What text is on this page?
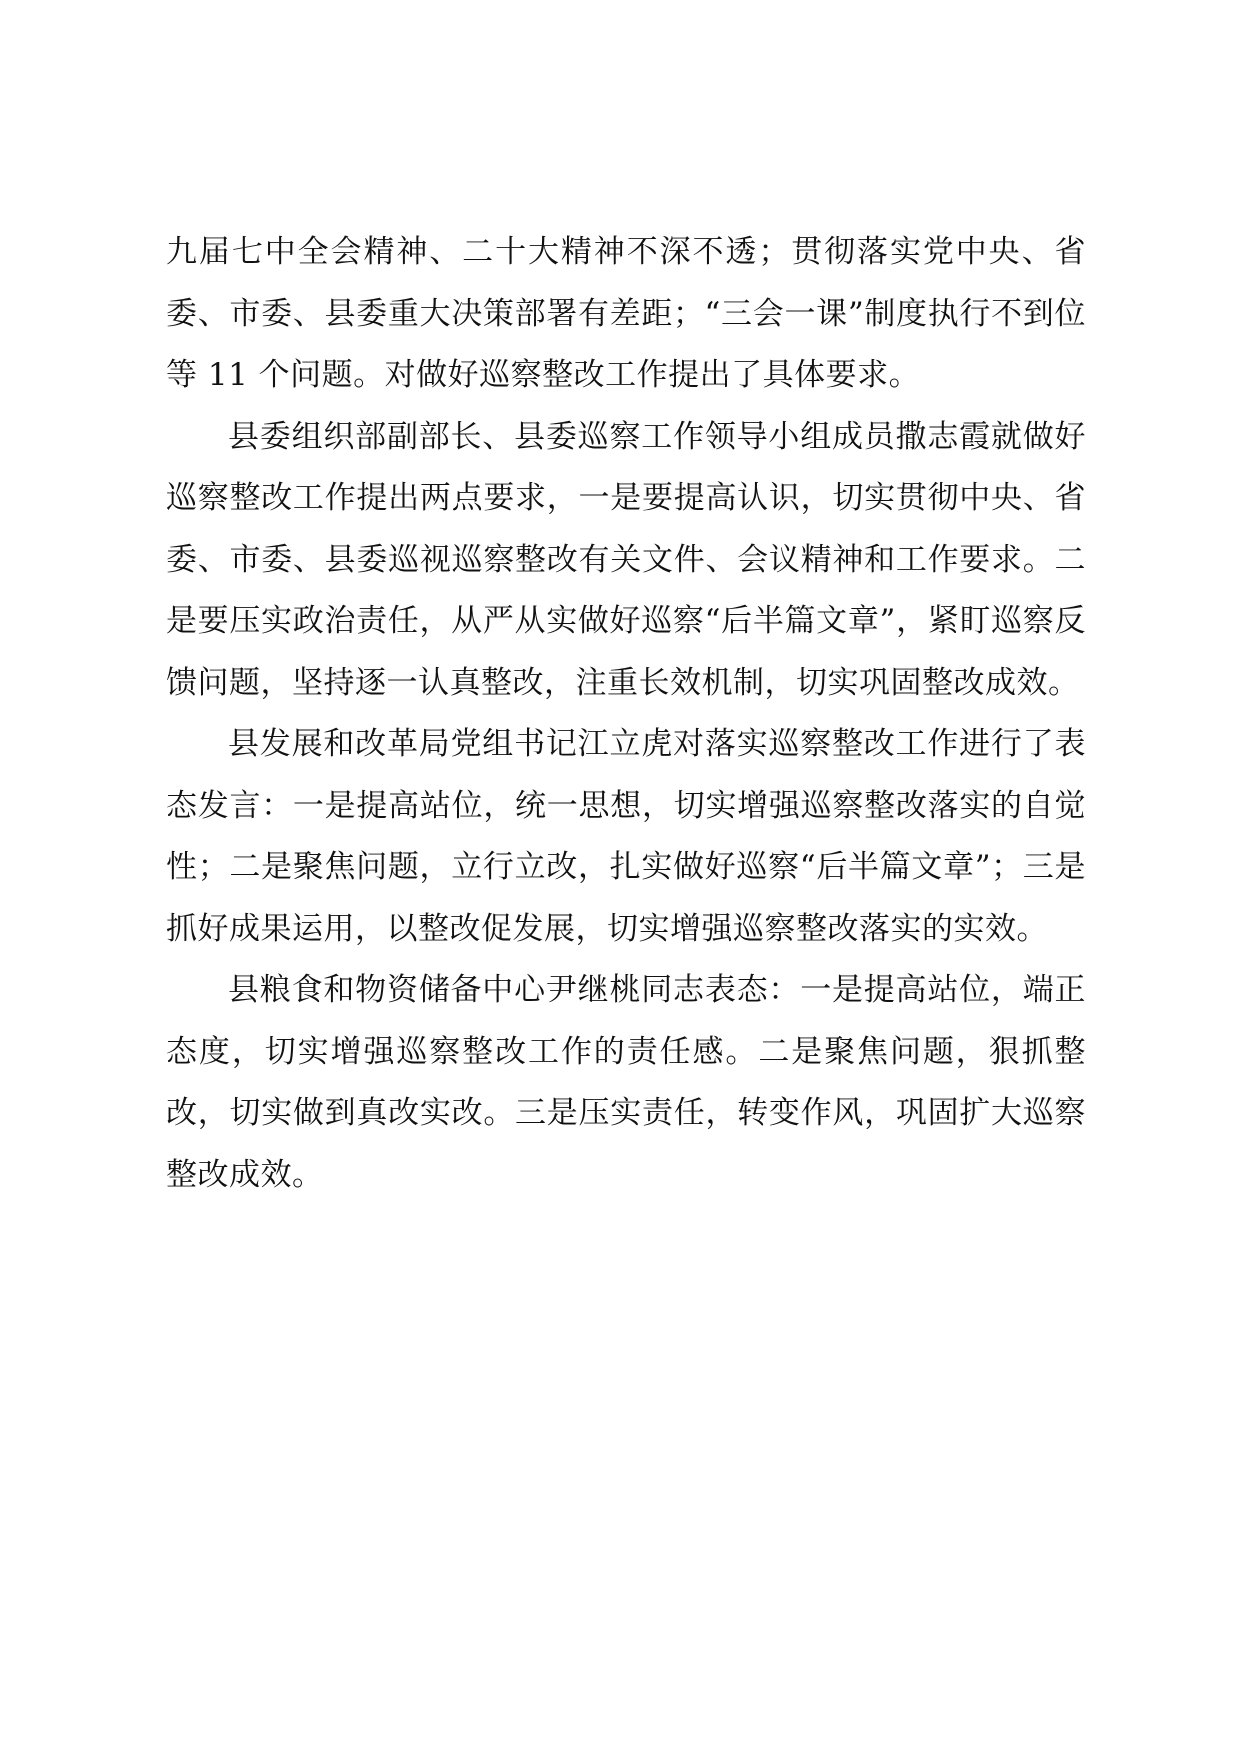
九届七中全会精神、二十大精神不深不透；贯彻落实党中央、省委、市委、县委重大决策部署有差距；“三会一课”制度执行不到位等 11 个问题。对做好巡察整改工作提出了具体要求。

县委组织部副部长、县委巡察工作领导小组成员撒志霞就做好巡察整改工作提出两点要求，一是要提高认识，切实贯彻中央、省委、市委、县委巡视巡察整改有关文件、会议精神和工作要求。二是要压实政治责任，从严从实做好巡察“后半篇文章”，紧盯巡察反馈问题，坚持逐一认真整改，注重长效机制，切实巩固整改成效。

县发展和改革局党组书记江立虎对落实巡察整改工作进行了表态发言：一是提高站位，统一思想，切实增强巡察整改落实的自觉性；二是聚焦问题，立行立改，扎实做好巡察“后半篇文章”；三是抓好成果运用，以整改促发展，切实增强巡察整改落实的实效。

县粮食和物资储备中心尹继桃同志表态：一是提高站位，端正态度，切实增强巡察整改工作的责任感。二是聚焦问题，狠抓整改，切实做到真改实改。三是压实责任，转变作风，巩固扩大巡察整改成效。
